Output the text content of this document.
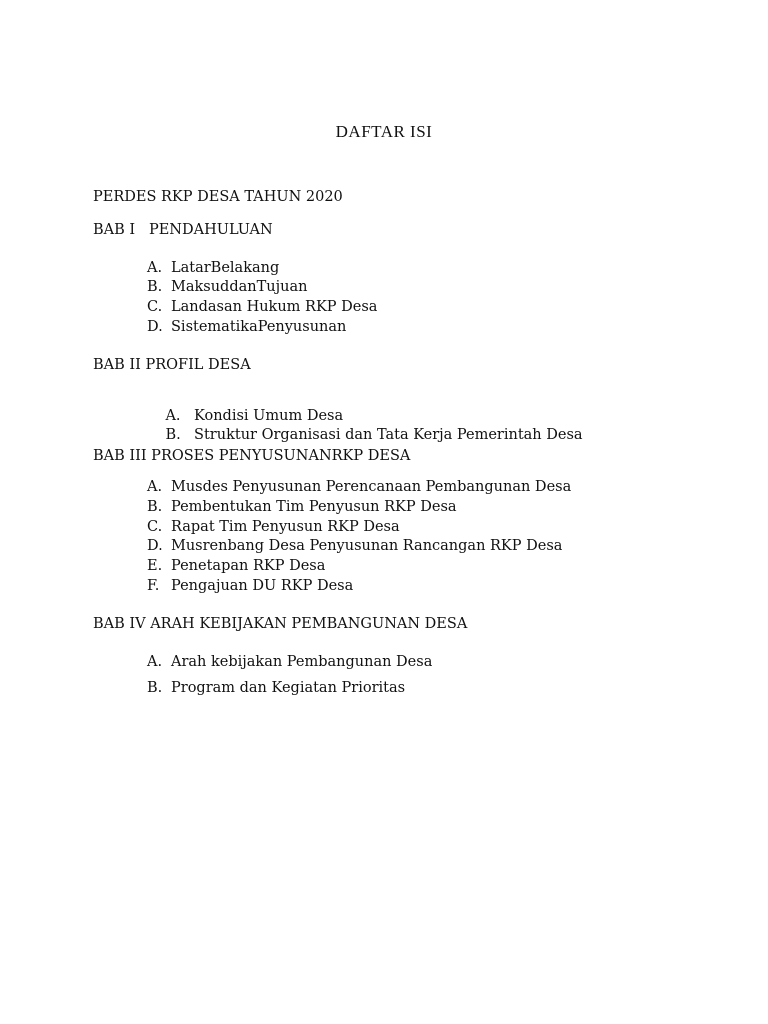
DAFTAR ISI
PERDES RKP DESA TAHUN 2020
BAB I   PENDAHULUAN
A. LatarBelakang
B. MaksuddanTujuan
C. Landasan Hukum RKP Desa
D. SistematikaPenyusunan
BAB II PROFIL DESA

A. Kondisi Umum Desa

B. Struktur Organisasi dan Tata Kerja Pemerintah Desa

BAB III PROSES PENYUSUNANRKP DESA
A. Musdes Penyusunan Perencanaan Pembangunan Desa
B. Pembentukan Tim Penyusun RKP Desa
C. Rapat Tim Penyusun RKP Desa
D. Musrenbang Desa Penyusunan Rancangan RKP Desa
E. Penetapan RKP Desa
F. Pengajuan DU RKP Desa
BAB IV ARAH KEBIJAKAN PEMBANGUNAN DESA
A. Arah kebijakan Pembangunan Desa
B. Program dan Kegiatan Prioritas
